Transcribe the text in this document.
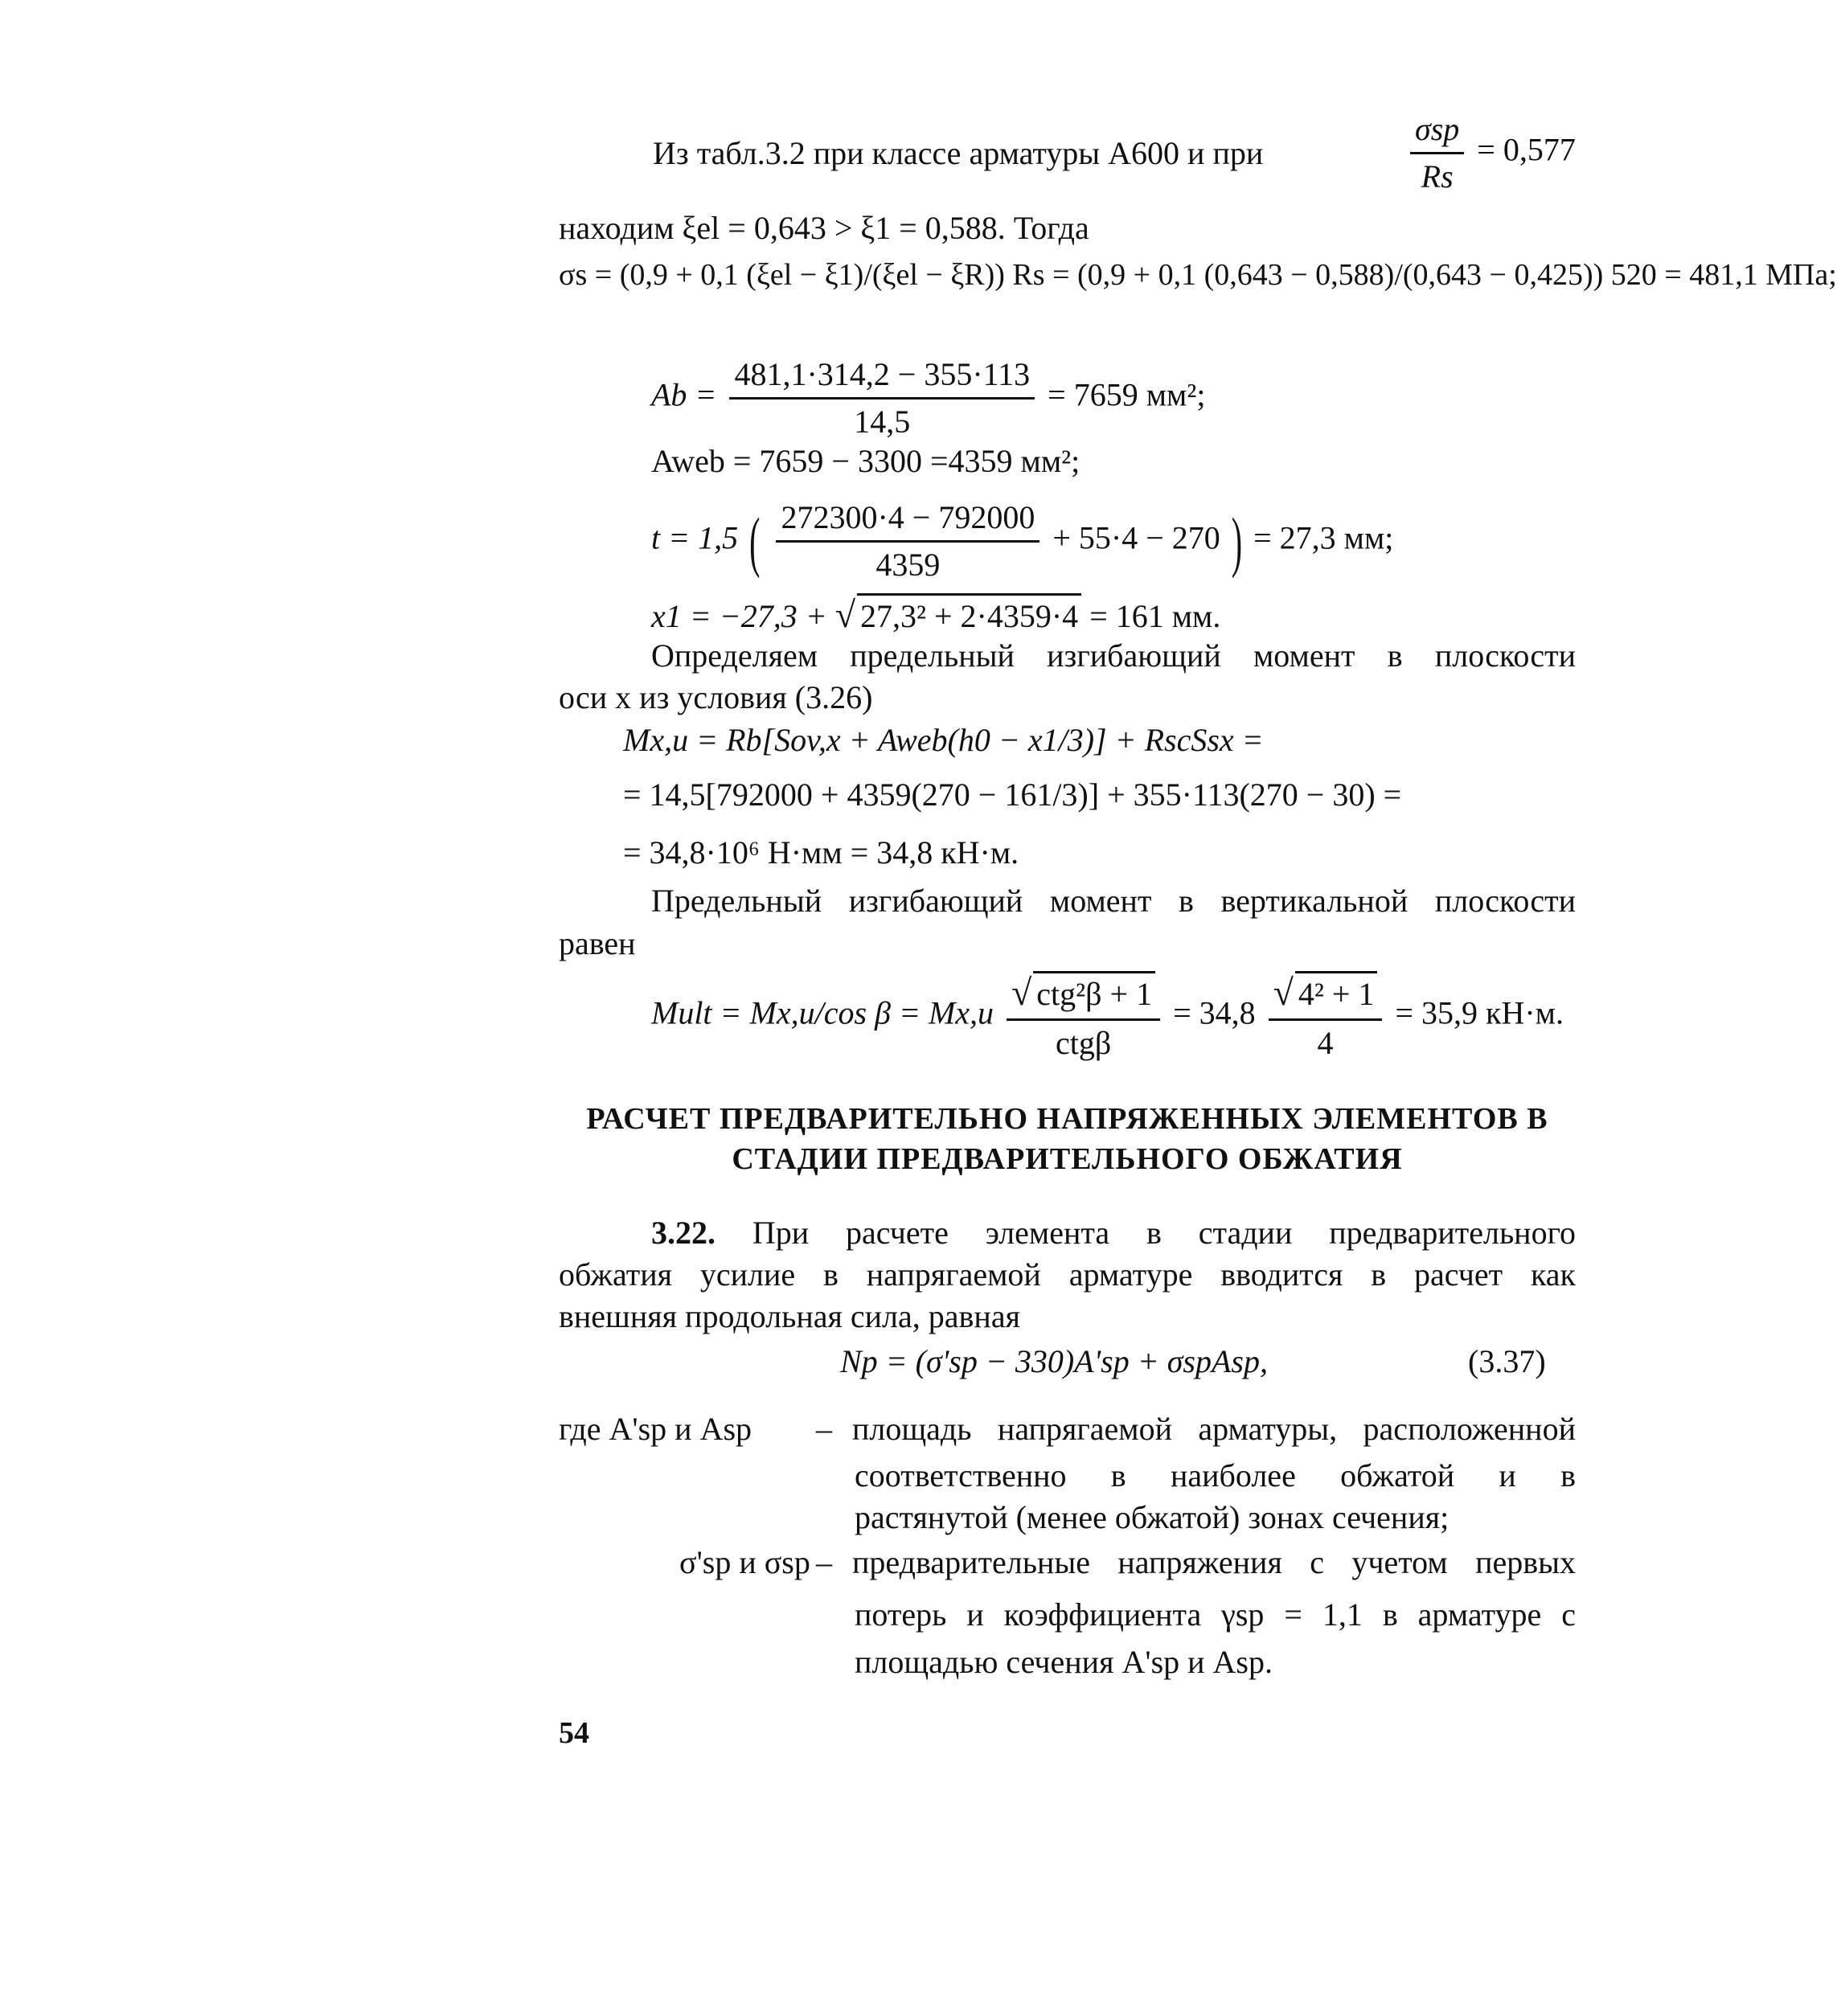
Из табл.3.2 при классе арматуры А600 и при	$\frac{\text{σsp}}{Rs} = 0,577$
находим ξel = 0,643 > ξ1 = 0,588. Тогда
σs = (0,9 + 0,1 (ξel − ξ1)/(ξel − ξR)) Rs = (0,9 + 0,1 (0,643 − 0,588)/(0,643 − 0,425)) 520 = 481,1 МПа;
$Ab = \frac{481,1\cdot 314,2 - 355\cdot 113}{14,5} = 7659$ мм²;
Aweb = 7659 − 3300 =4359 мм²;
t = 1,5 ( $\frac{272300\cdot 4 - 792000}{4359} + 55\cdot 4 - 270$ ) = 27,3 мм;
x1 = −27,3 + √ 27,3² + 2·4359·4 = 161 мм.
Определяем предельный изгибающий момент в плоскости
оси x из условия (3.26)
Mx,u = Rb[Sov,x + Aweb(h0 − x1/3)] + RscSsx =
= 14,5[792000 + 4359(270 − 161/3)] + 355·113(270 − 30) =
= 34,8·10⁶ Н·мм = 34,8 кН·м.
Предельный изгибающий момент в вертикальной плоскости
равен
Mult = Mx,u/cos $\beta = Mx,u \frac{\text{√ ctg²β + 1}}{\text{ctgβ}} = 34,8 \frac{\text{√ 4² + 1}}{4} = 35,9$ кН·м.
РАСЧЕТ ПРЕДВАРИТЕЛЬНО НАПРЯЖЕННЫХ ЭЛЕМЕНТОВ В
СТАДИИ ПРЕДВАРИТЕЛЬНОГО ОБЖАТИЯ
3.22. При расчете элемента в стадии предварительного
обжатия усилие в напрягаемой арматуре вводится в расчет как
внешняя продольная сила, равная
Np = (σ'sp − 330)A'sp + σspAsp,	(3.37)
где A'sp и Asp – площадь напрягаемой арматуры, расположенной
соответственно в наиболее обжатой и в
растянутой (менее обжатой) зонах сечения;
σ'sp и σsp – предварительные напряжения с учетом первых
потерь и коэффициента γsp = 1,1 в арматуре с
площадью сечения A'sp и Asp.
54
